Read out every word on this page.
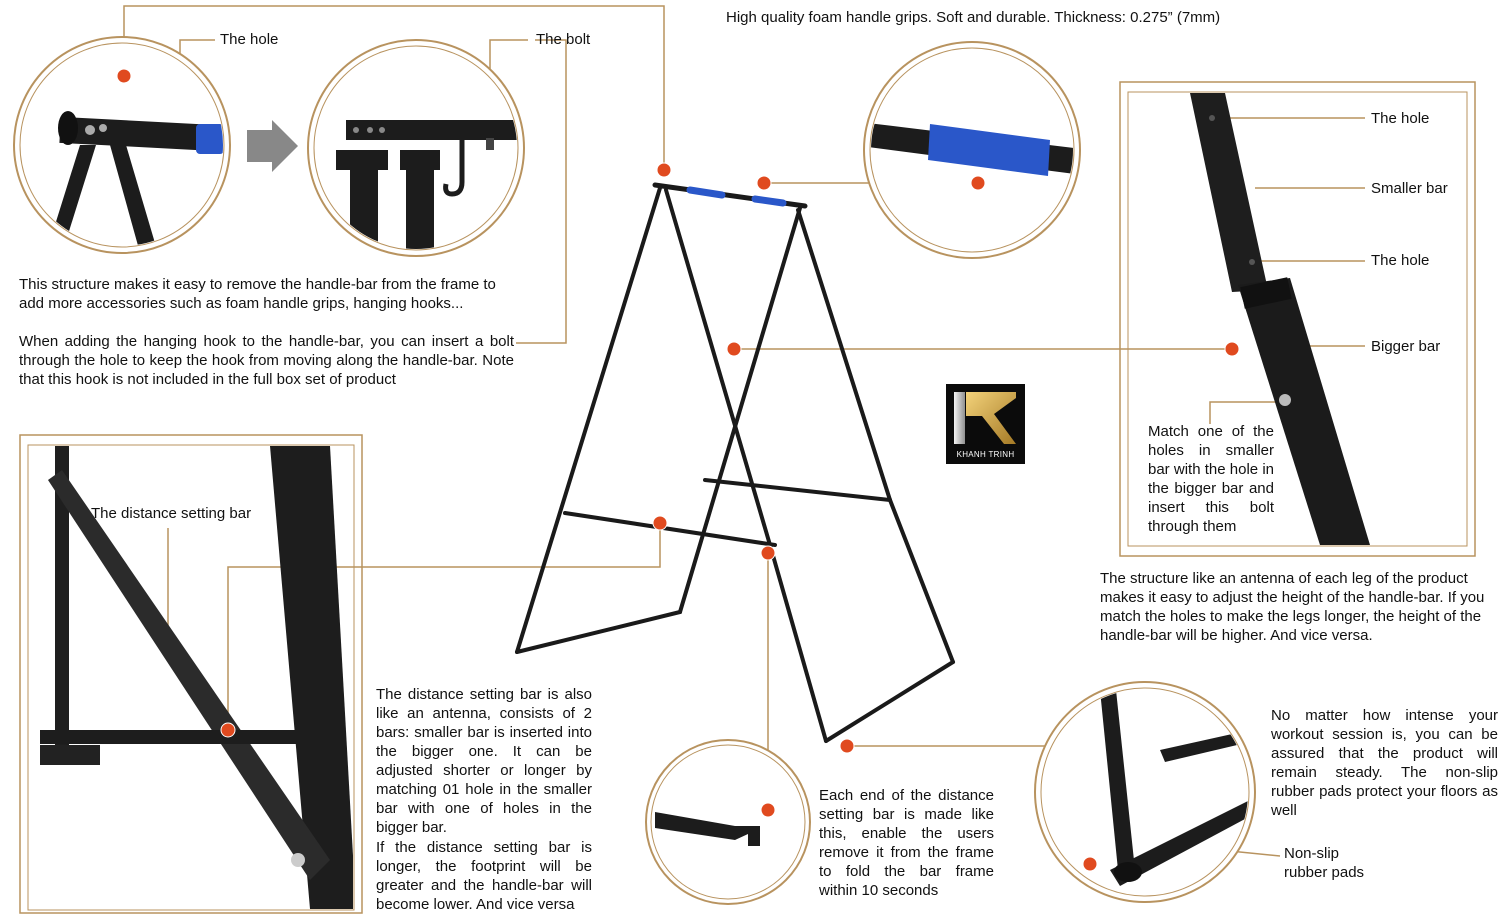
The hole	The bolt
This structure makes it easy to remove the handle-bar from the frame to add more accessories such as foam handle grips, hanging hooks...
When adding the hanging hook to the handle-bar, you can insert a bolt through the hole to keep the hook from moving along the handle-bar. Note that this hook is not included in the full box set of product
High quality foam handle grips. Soft and durable. Thickness: 0.275” (7mm)
The hole
Smaller bar
The hole
Bigger bar
Match one of the holes in smaller bar with the hole in the bigger bar and insert this bolt through them
The structure like an antenna of each leg of the product makes it easy to adjust the height of the handle-bar. If you match the holes to make the legs longer, the height of the handle-bar will be higher. And vice versa.
The distance setting bar
The distance setting bar is also like an antenna, consists of 2 bars: smaller bar is inserted into the bigger one. It can be adjusted shorter or longer by matching 01 hole in the smaller bar with one of holes in the bigger bar.
If the distance setting bar is longer, the footprint will be greater and the handle-bar will become lower. And vice versa
Each end of the distance setting bar is made like this, enable the users remove it from the frame to fold the bar frame within 10 seconds
No matter how intense your workout session is, you can be assured that the product will remain steady. The non-slip rubber pads protect your floors as well
Non-slip rubber pads
KHANH TRINH
